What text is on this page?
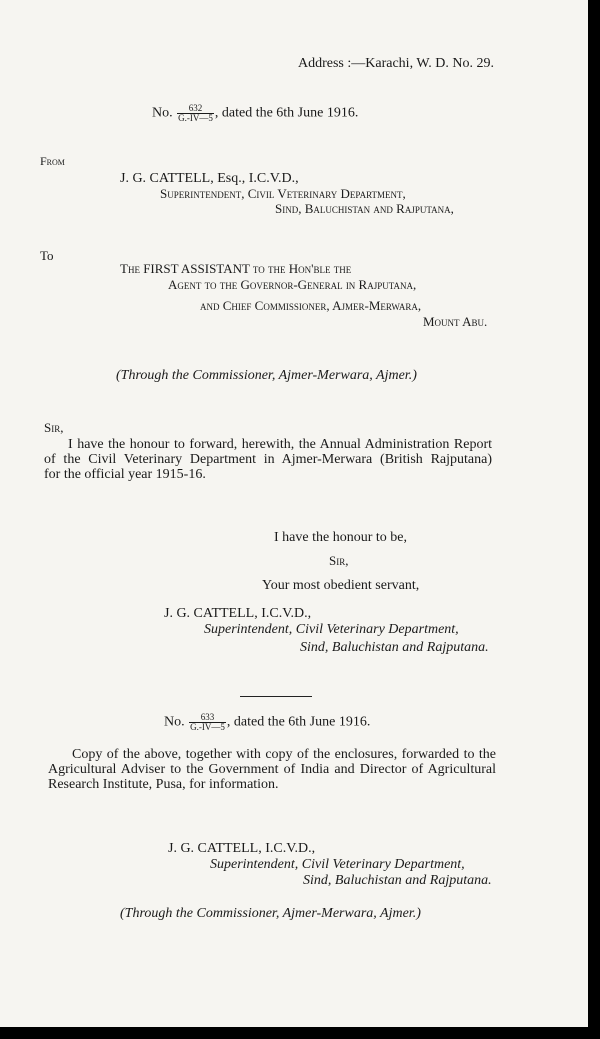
Address :—Karachi, W. D. No. 29.
No. $\frac{632}{G.-IV—5}$ , dated the 6th June 1916.
From
J. G. CATTELL, Esq., I.C.V.D.,
Superintendent, Civil Veterinary Department,
Sind, Baluchistan and Rajputana,
To
The FIRST ASSISTANT to the Hon'ble the
Agent to the Governor-General in Rajputana,
and Chief Commissioner, Ajmer-Merwara,
Mount Abu.
(Through the Commissioner, Ajmer-Merwara, Ajmer.)
Sir,
I have the honour to forward, herewith, the Annual Administration Report
of the Civil Veterinary Department in Ajmer-Merwara (British Rajputana)
for the official year 1915-16.
I have the honour to be,
Sir,
Your most obedient servant,
J. G. CATTELL, I.C.V.D.,
Superintendent, Civil Veterinary Department,
Sind, Baluchistan and Rajputana.
No. $\frac{633}{G.-IV—5}$ , dated the 6th June 1916.
Copy of the above, together with copy of the enclosures, forwarded to the
Agricultural Adviser to the Government of India and Director of Agricultural
Research Institute, Pusa, for information.
J. G. CATTELL, I.C.V.D.,
Superintendent, Civil Veterinary Department,
Sind, Baluchistan and Rajputana.
(Through the Commissioner, Ajmer-Merwara, Ajmer.)
